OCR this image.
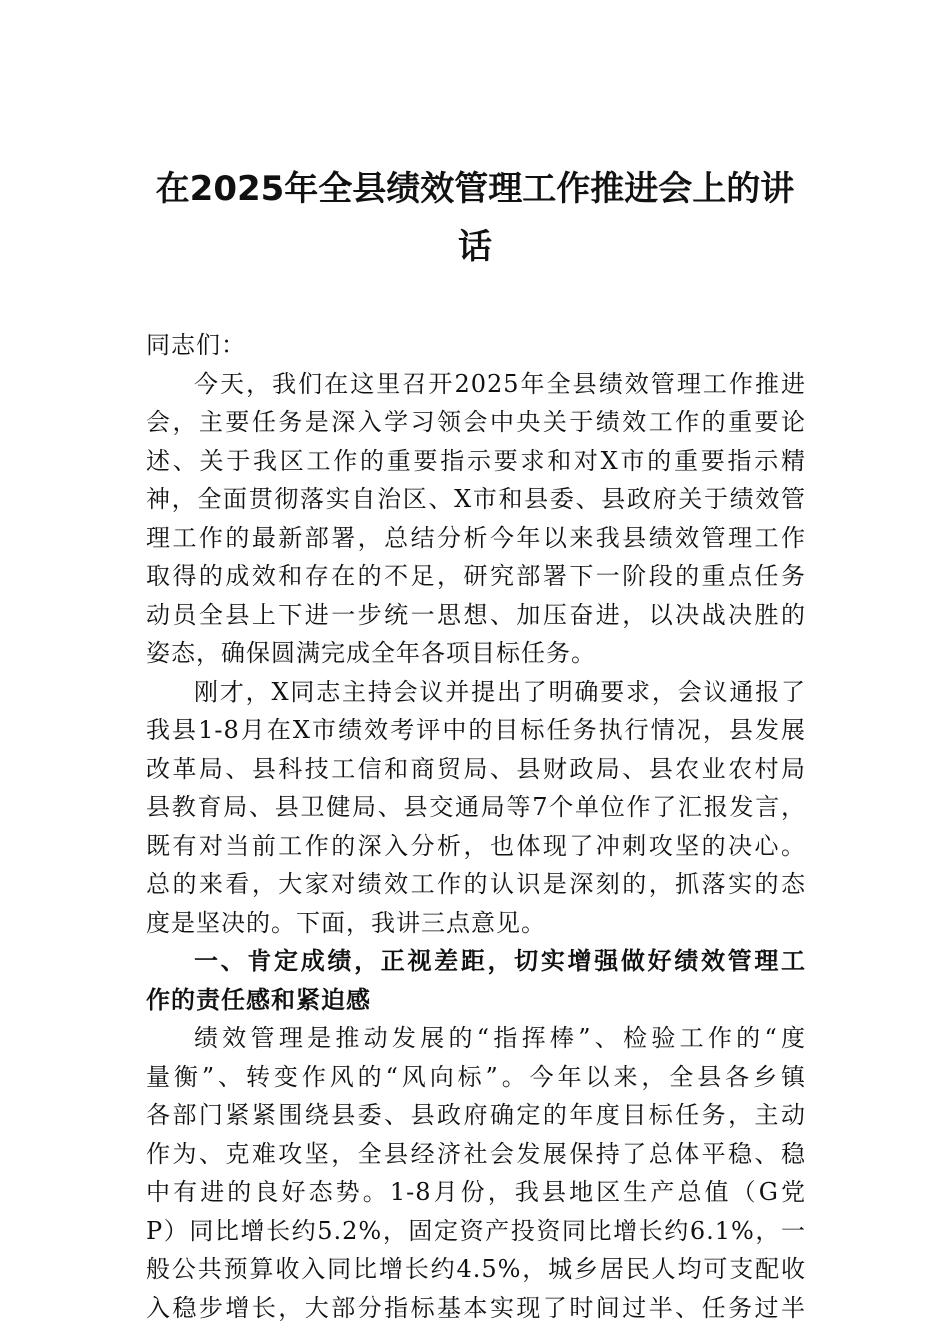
在2025年全县绩效管理工作推进会上的讲
话
同志们：
今天，我们在这里召开2025年全县绩效管理工作推进
会，主要任务是深入学习领会中央关于绩效工作的重要论
述、关于我区工作的重要指示要求和对X市的重要指示精
神，全面贯彻落实自治区、X市和县委、县政府关于绩效管
理工作的最新部署，总结分析今年以来我县绩效管理工作
取得的成效和存在的不足，研究部署下一阶段的重点任务
动员全县上下进一步统一思想、加压奋进，以决战决胜的
姿态，确保圆满完成全年各项目标任务。
刚才，X同志主持会议并提出了明确要求，会议通报了
我县1-8月在X市绩效考评中的目标任务执行情况，县发展
改革局、县科技工信和商贸局、县财政局、县农业农村局
县教育局、县卫健局、县交通局等7个单位作了汇报发言，
既有对当前工作的深入分析，也体现了冲刺攻坚的决心。
总的来看，大家对绩效工作的认识是深刻的，抓落实的态
度是坚决的。下面，我讲三点意见。
一、肯定成绩，正视差距，切实增强做好绩效管理工
作的责任感和紧迫感
绩效管理是推动发展的“指挥棒”、检验工作的“度
量衡”、转变作风的“风向标”。今年以来，全县各乡镇
各部门紧紧围绕县委、县政府确定的年度目标任务，主动
作为、克难攻坚，全县经济社会发展保持了总体平稳、稳
中有进的良好态势。1-8月份，我县地区生产总值（G党
P）同比增长约5.2%，固定资产投资同比增长约6.1%，一
般公共预算收入同比增长约4.5%，城乡居民人均可支配收
入稳步增长，大部分指标基本实现了时间过半、任务过半
